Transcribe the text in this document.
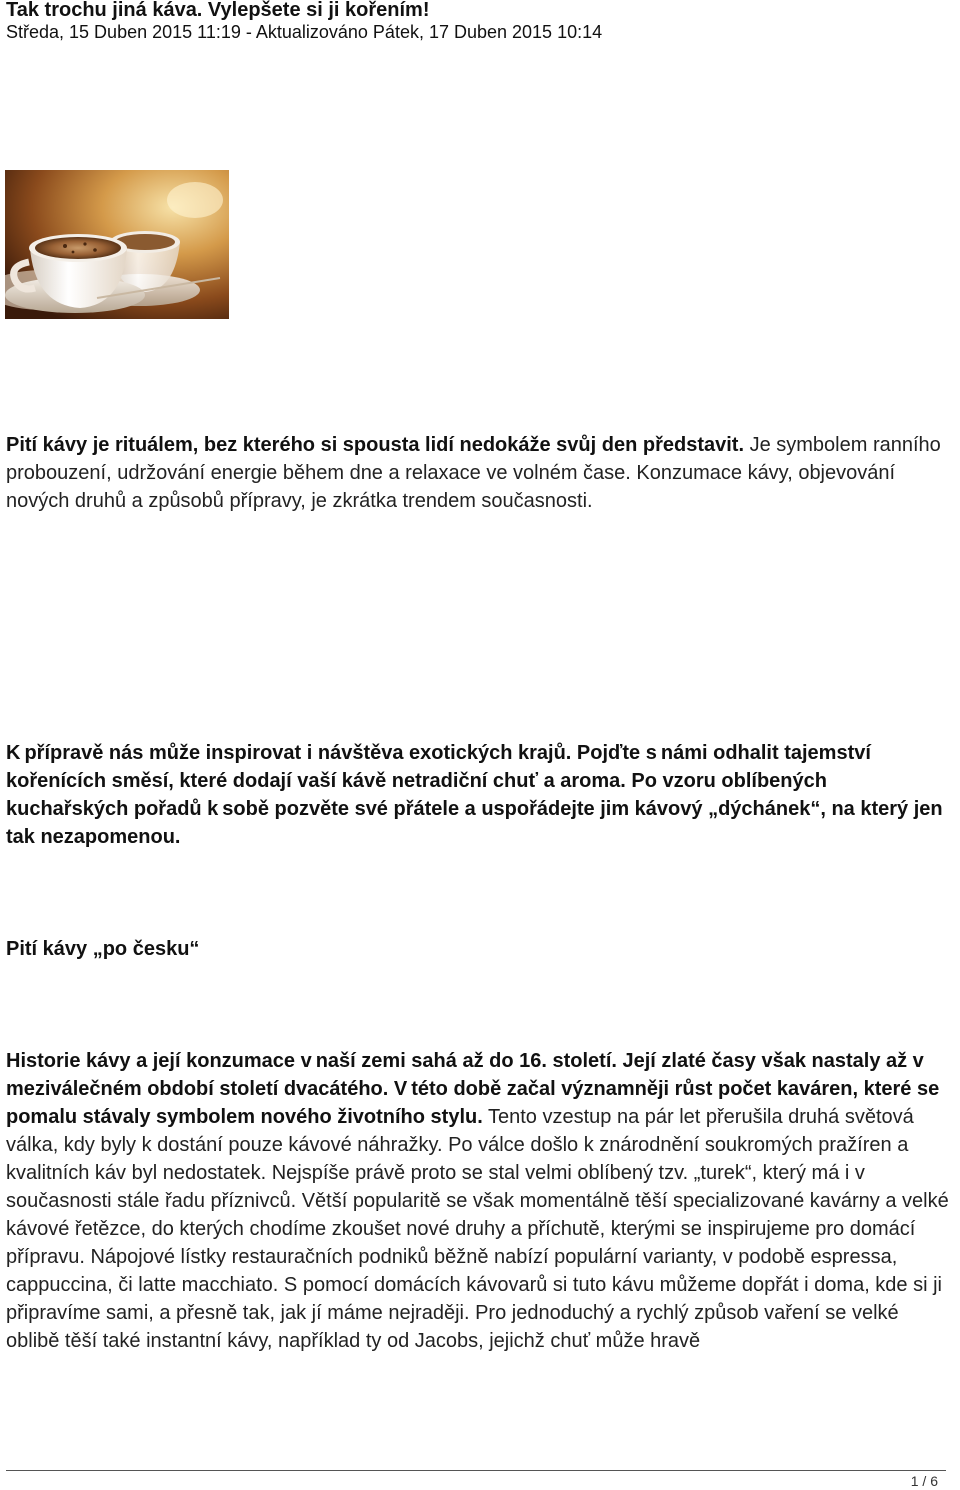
Tak trochu jiná káva. Vylepšete si ji kořením!
Středa, 15 Duben 2015 11:19 - Aktualizováno Pátek, 17 Duben 2015 10:14
Pití kávy je rituálem, bez kterého si spousta lidí nedokáže svůj den představit. Je symbolem ranního probouzení, udržování energie během dne a relaxace ve volném čase. Konzumace kávy, objevování nových druhů a způsobů přípravy, je zkrátka trendem současnosti.
K přípravě nás může inspirovat i návštěva exotických krajů. Pojďte s námi odhalit tajemství kořenících směsí, které dodají vaší kávě netradiční chuť a aroma. Po vzoru oblíbených kuchařských pořadů k sobě pozvěte své přátele a uspořádejte jim kávový „dýchánek“, na který jen tak nezapomenou.
Pití kávy „po česku“
Historie kávy a její konzumace v naší zemi sahá až do 16. století. Její zlaté časy však nastaly až v meziválečném období století dvacátého. V této době začal významněji růst počet kaváren, které se pomalu stávaly symbolem nového životního stylu. Tento vzestup na pár let přerušila druhá světová válka, kdy byly k dostání pouze kávové náhražky. Po válce došlo k znárodnění soukromých pražíren a kvalitních káv byl nedostatek. Nejspíše právě proto se stal velmi oblíbený tzv. „turek“, který má i v současnosti stále řadu příznivců. Větší popularitě se však momentálně těší specializované kavárny a velké kávové řetězce, do kterých chodíme zkoušet nové druhy a příchutě, kterými se inspirujeme pro domácí přípravu. Nápojové lístky restauračních podniků běžně nabízí populární varianty, v podobě espressa, cappuccina, či latte macchiato. S pomocí domácích kávovarů si tuto kávu můžeme dopřát i doma, kde si ji připravíme sami, a přesně tak, jak jí máme nejraději. Pro jednoduchý a rychlý způsob vaření se velké oblibě těší také instantní kávy, například ty od Jacobs, jejichž chuť může hravě
1 / 6
